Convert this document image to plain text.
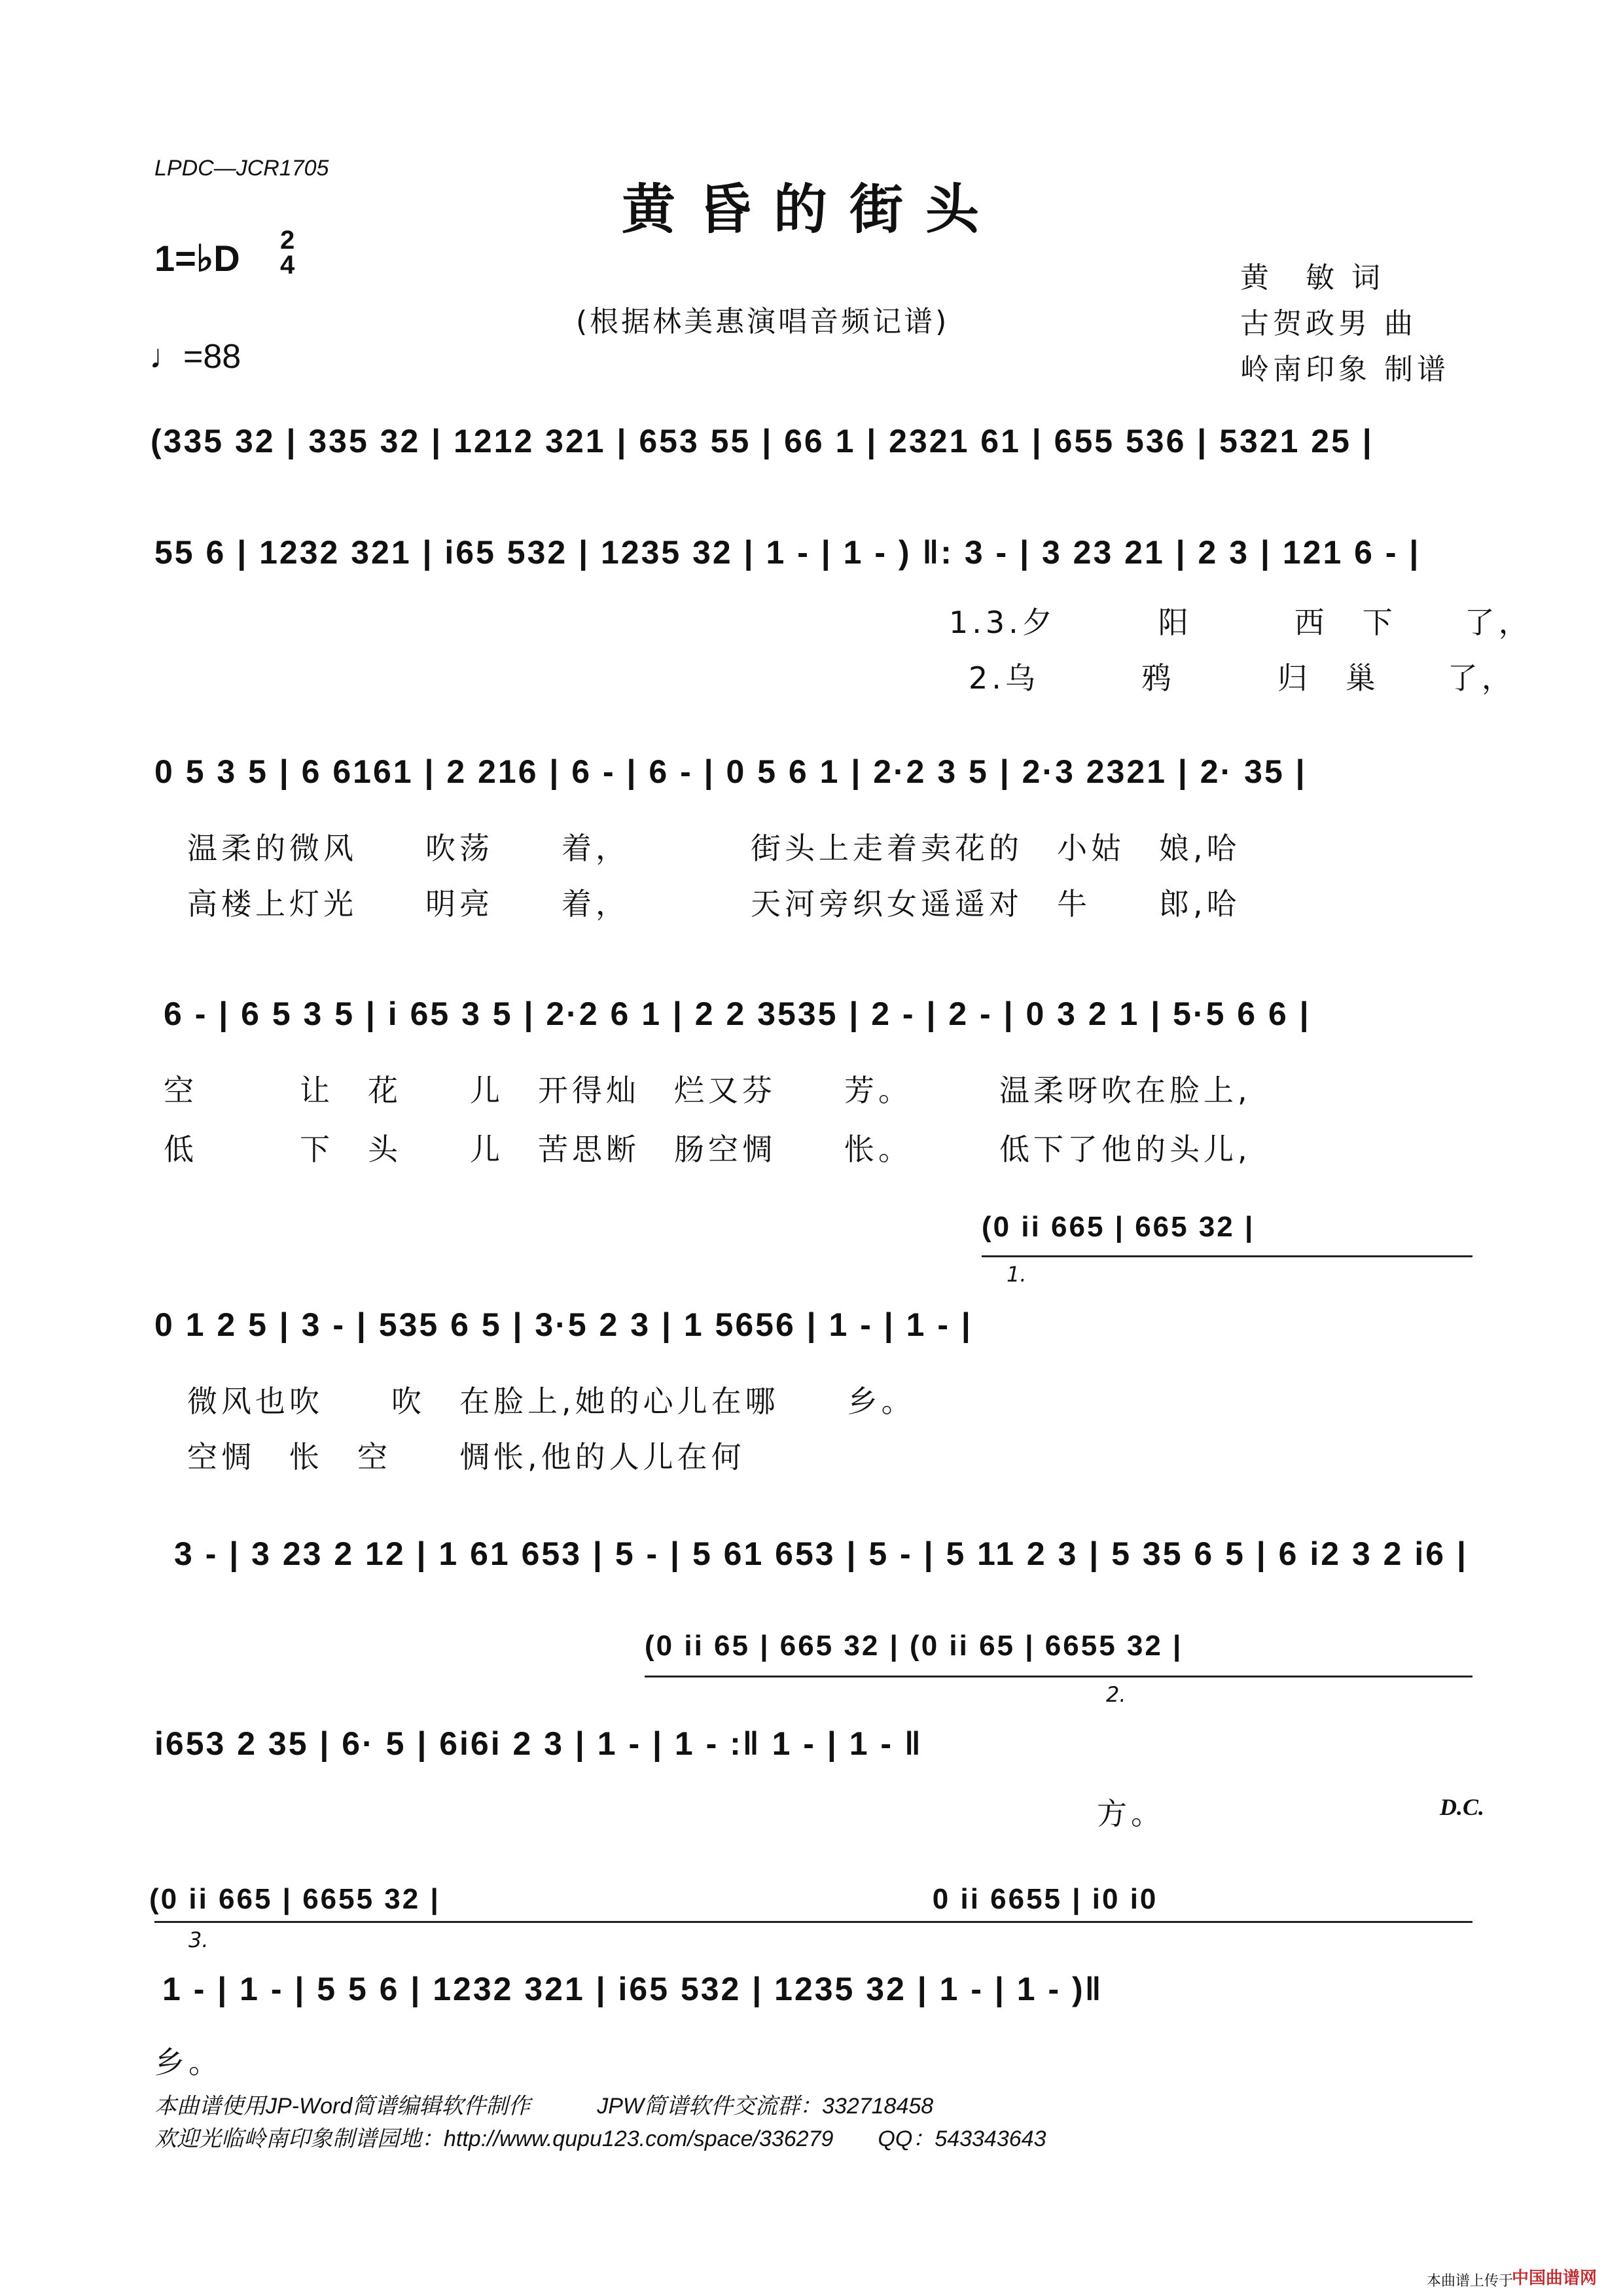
LPDC—JCR1705
黄昏的街头
1=♭D 2
4
♩=88
(根据林美惠演唱音频记谱)
黄　敏 词
古贺政男 曲
岭南印象 制谱
(335 32 | 335 32 | 1212 321 | 653 55 | 66 1 | 2321 61 | 655 536 | 5321 25 |
55 6 | 1232 321 | i65 532 | 1235 32 | 1 - | 1 - ) ‖: 3 - | 3 23 21 | 2 3 | 121 6 - |
1.3.夕　　　阳　　　西　下　　了，
2.乌　　　鸦　　　归　巢　　了，
0 5 3 5 | 6 6161 | 2 216 | 6 - | 6 - | 0 5 6 1 | 2·2 3 5 | 2·3 2321 | 2· 35 |
温柔的微风　　吹荡　　着，　　　　街头上走着卖花的　小姑　娘,哈
高楼上灯光　　明亮　　着，　　　　天河旁织女遥遥对　牛　　郎,哈
6 - | 6 5 3 5 | i 65 3 5 | 2·2 6 1 | 2 2 3535 | 2 - | 2 - | 0 3 2 1 | 5·5 6 6 |
空　　　让　花　　儿　开得灿　烂又芬　　芳。　　　温柔呀吹在脸上,
低　　　下　头　　儿　苦思断　肠空惆　　怅。　　　低下了他的头儿,
(0 ii 665 | 665 32 |
1.
0 1 2 5 | 3 - | 535 6 5 | 3·5 2 3 | 1 5656 | 1 - | 1 - |
微风也吹　　吹　在脸上,她的心儿在哪　　乡。
空惆　怅　空　　惆怅,他的人儿在何
3 - | 3 23 2 12 | 1 61 653 | 5 - | 5 61 653 | 5 - | 5 11 2 3 | 5 35 6 5 | 6 i2 3 2 i6 |
(0 ii 65 | 665 32 | (0 ii 65 | 6655 32 |
2.
i653 2 35 | 6· 5 | 6i6i 2 3 | 1 - | 1 - :‖ 1 - | 1 - ‖
方。	D.C.
(0 ii 665 | 6655 32 |　　　　　　　　　　　　　　　　0 ii 6655 | i0 i0
3.
1 - | 1 - | 5 5 6 | 1232 321 | i65 532 | 1235 32 | 1 - | 1 - )‖
乡。
本曲谱使用JP-Word简谱编辑软件制作　　　JPW简谱软件交流群：332718458
欢迎光临岭南印象制谱园地：http://www.qupu123.com/space/336279　　QQ：543343643
本曲谱上传于
中国曲谱网
